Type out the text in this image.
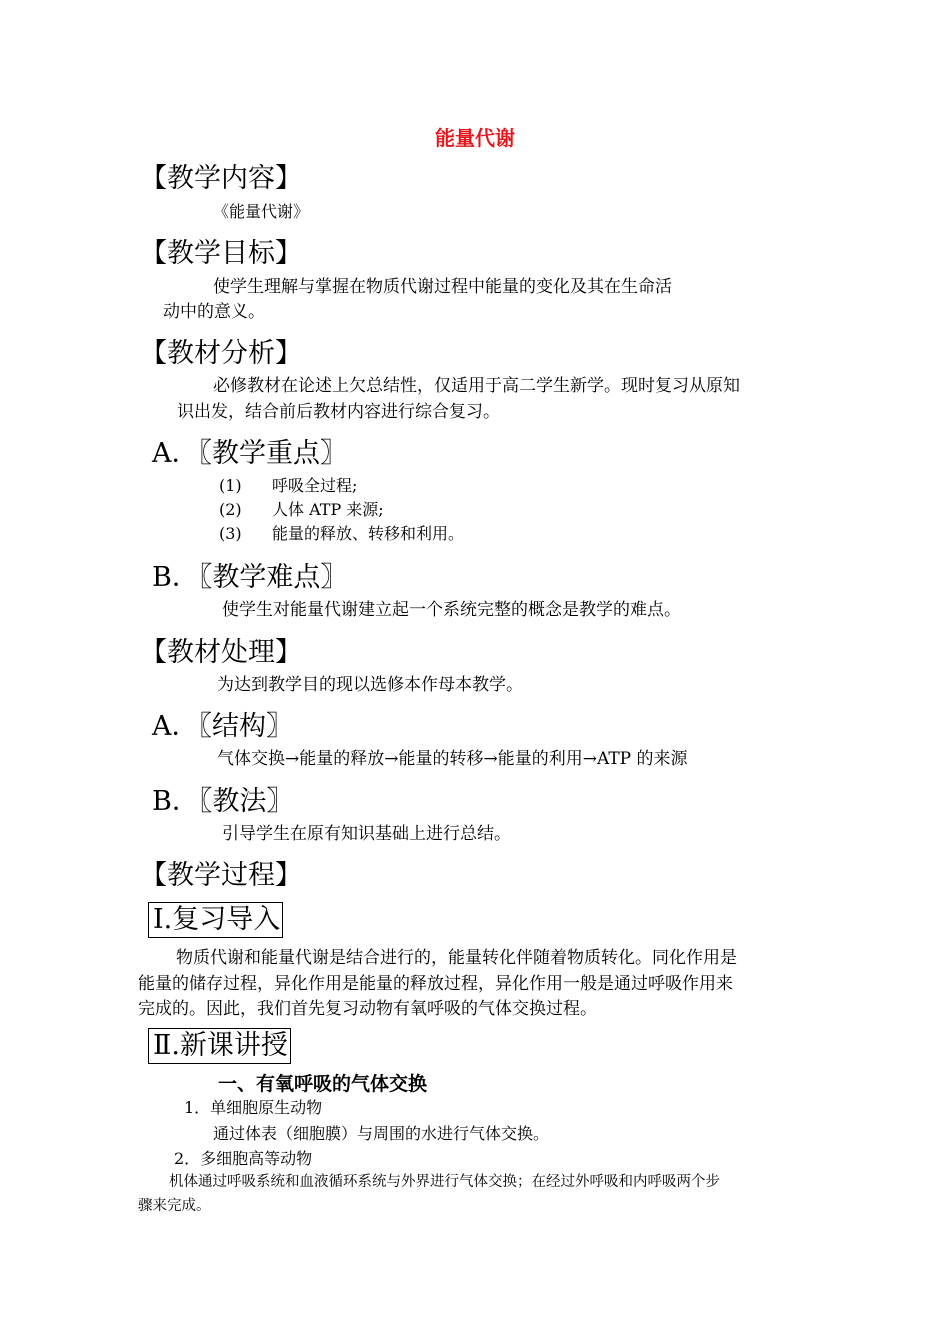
能量代谢
【教学内容】
《能量代谢》
【教学目标】
使学生理解与掌握在物质代谢过程中能量的变化及其在生命活
动中的意义。
【教材分析】
必修教材在论述上欠总结性，仅适用于高二学生新学。现时复习从原知
识出发，结合前后教材内容进行综合复习。
A．〖教学重点〗
(1) 呼吸全过程;
(2) 人体 ATP 来源;
(3) 能量的释放、转移和利用。
B．〖教学难点〗
使学生对能量代谢建立起一个系统完整的概念是教学的难点。
【教材处理】
为达到教学目的现以选修本作母本教学。
A．〖结构〗
气体交换→能量的释放→能量的转移→能量的利用→ATP 的来源
B．〖教法〗
引导学生在原有知识基础上进行总结。
【教学过程】
Ⅰ.复习导入
物质代谢和能量代谢是结合进行的，能量转化伴随着物质转化。同化作用是
能量的储存过程，异化作用是能量的释放过程，异化作用一般是通过呼吸作用来
完成的。因此，我们首先复习动物有氧呼吸的气体交换过程。
Ⅱ.新课讲授
一、有氧呼吸的气体交换
1．单细胞原生动物
通过体表（细胞膜）与周围的水进行气体交换。
2．多细胞高等动物
机体通过呼吸系统和血液循环系统与外界进行气体交换；在经过外呼吸和内呼吸两个步
骤来完成。
